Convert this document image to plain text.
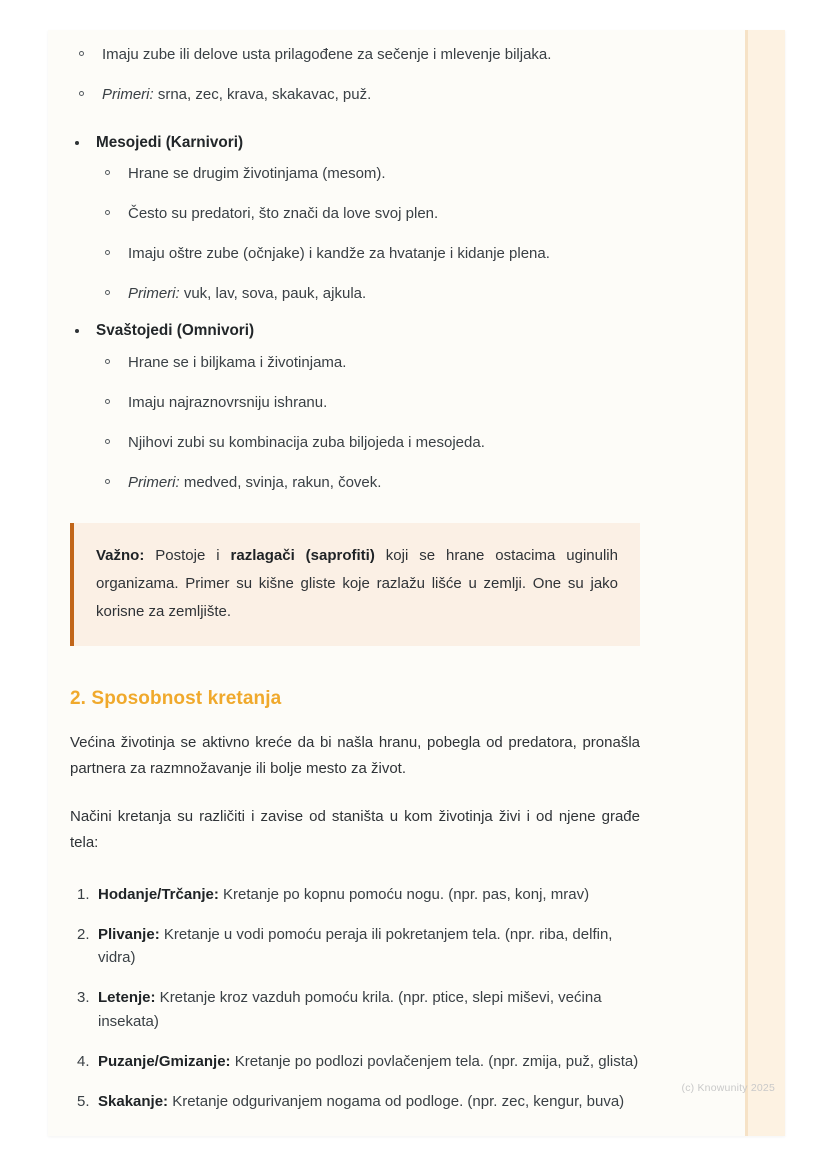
Imaju zube ili delove usta prilagođene za sečenje i mlevenje biljaka.
Primeri: srna, zec, krava, skakavac, puž.
Mesojedi (Karnivori)
Hrane se drugim životinjama (mesom).
Često su predatori, što znači da love svoj plen.
Imaju oštre zube (očnjake) i kandže za hvatanje i kidanje plena.
Primeri: vuk, lav, sova, pauk, ajkula.
Svaštojedi (Omnivori)
Hrane se i biljkama i životinjama.
Imaju najraznovrsniju ishranu.
Njihovi zubi su kombinacija zuba biljojeda i mesojeda.
Primeri: medved, svinja, rakun, čovek.

Važno: Postoje i razlagači (saprofiti) koji se hrane ostacima uginulih organizama. Primer su kišne gliste koje razlažu lišće u zemlji. One su jako korisne za zemljište.

2. Sposobnost kretanja

Većina životinja se aktivno kreće da bi našla hranu, pobegla od predatora, pronašla partnera za razmnožavanje ili bolje mesto za život.

Načini kretanja su različiti i zavise od staništa u kom životinja živi i od njene građe tela:

1. Hodanje/Trčanje: Kretanje po kopnu pomoću nogu. (npr. pas, konj, mrav)
2. Plivanje: Kretanje u vodi pomoću peraja ili pokretanjem tela. (npr. riba, delfin, vidra)
3. Letenje: Kretanje kroz vazduh pomoću krila. (npr. ptice, slepi miševi, većina insekata)
4. Puzanje/Gmizanje: Kretanje po podlozi povlačenjem tela. (npr. zmija, puž, glista)
5. Skakanje: Kretanje odgurivanjem nogama od podloge. (npr. zec, kengur, buva)
(c) Knowunity 2025
